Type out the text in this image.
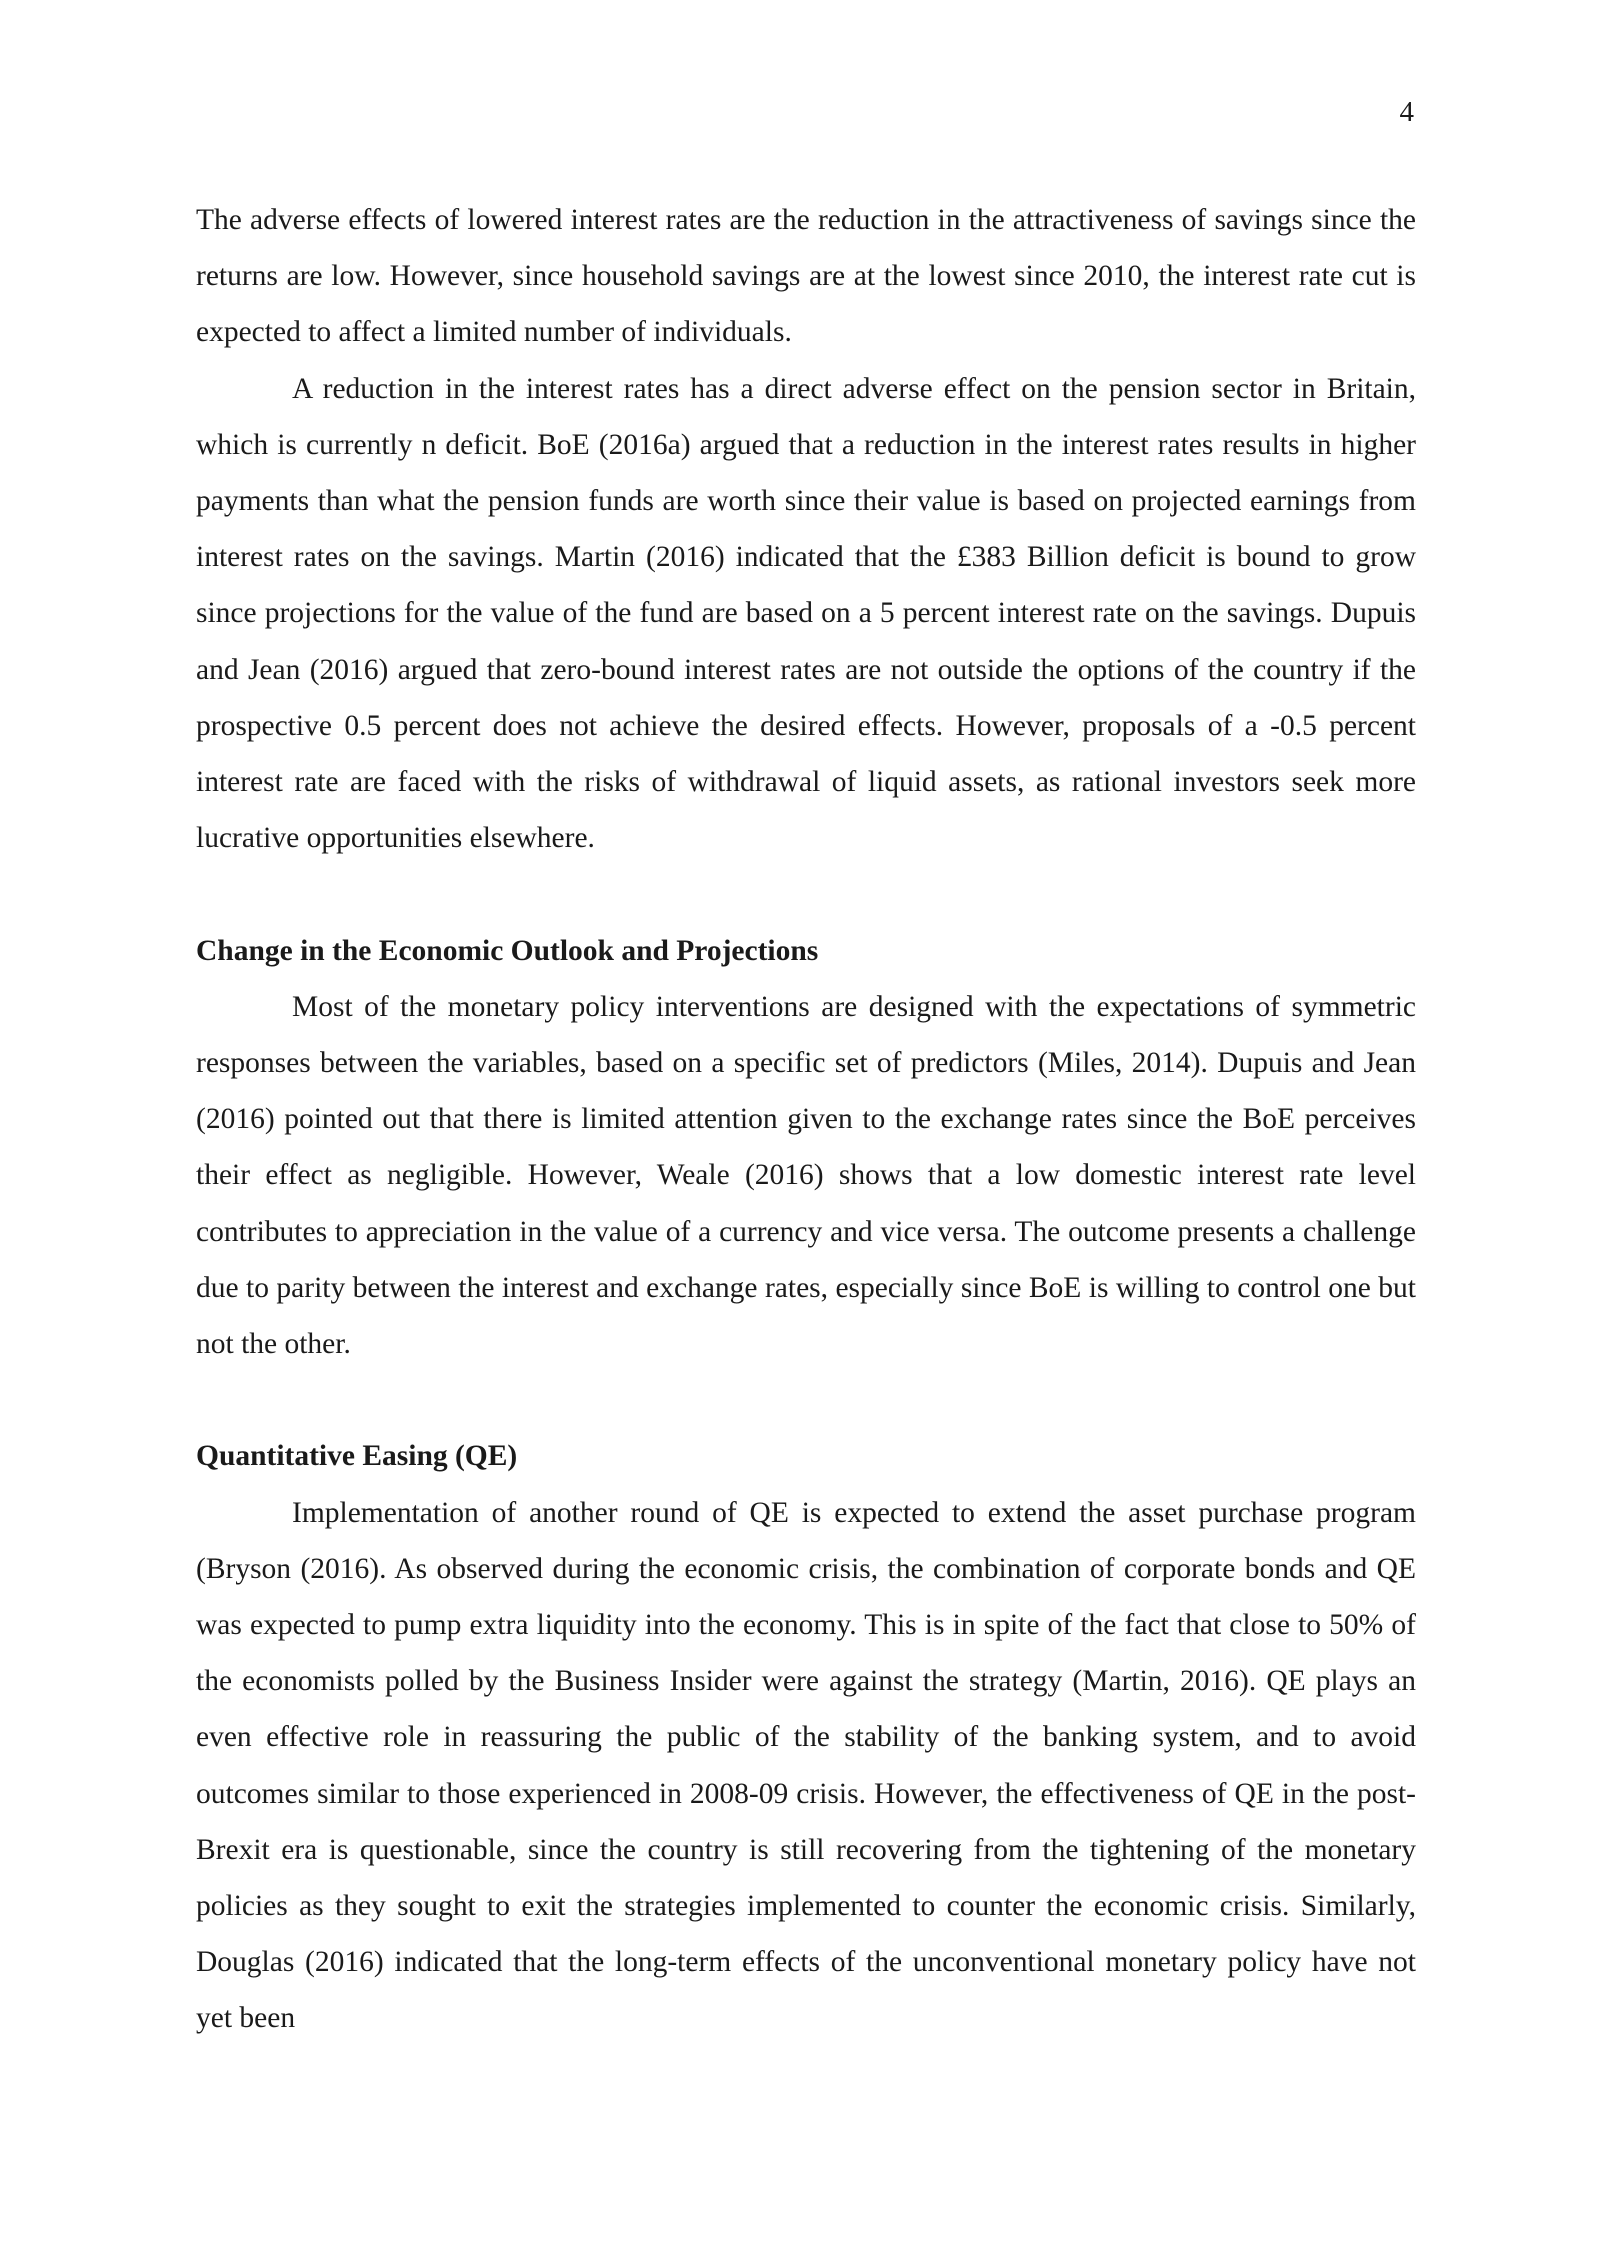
4

The adverse effects of lowered interest rates are the reduction in the attractiveness of savings since the returns are low. However, since household savings are at the lowest since 2010, the interest rate cut is expected to affect a limited number of individuals.

A reduction in the interest rates has a direct adverse effect on the pension sector in Britain, which is currently n deficit. BoE (2016a) argued that a reduction in the interest rates results in higher payments than what the pension funds are worth since their value is based on projected earnings from interest rates on the savings. Martin (2016) indicated that the £383 Billion deficit is bound to grow since projections for the value of the fund are based on a 5 percent interest rate on the savings. Dupuis and Jean (2016) argued that zero-bound interest rates are not outside the options of the country if the prospective 0.5 percent does not achieve the desired effects. However, proposals of a -0.5 percent interest rate are faced with the risks of withdrawal of liquid assets, as rational investors seek more lucrative opportunities elsewhere.

Change in the Economic Outlook and Projections

Most of the monetary policy interventions are designed with the expectations of symmetric responses between the variables, based on a specific set of predictors (Miles, 2014). Dupuis and Jean (2016) pointed out that there is limited attention given to the exchange rates since the BoE perceives their effect as negligible. However, Weale (2016) shows that a low domestic interest rate level contributes to appreciation in the value of a currency and vice versa. The outcome presents a challenge due to parity between the interest and exchange rates, especially since BoE is willing to control one but not the other.

Quantitative Easing (QE)

Implementation of another round of QE is expected to extend the asset purchase program (Bryson (2016). As observed during the economic crisis, the combination of corporate bonds and QE was expected to pump extra liquidity into the economy. This is in spite of the fact that close to 50% of the economists polled by the Business Insider were against the strategy (Martin, 2016). QE plays an even effective role in reassuring the public of the stability of the banking system, and to avoid outcomes similar to those experienced in 2008-09 crisis. However, the effectiveness of QE in the post-Brexit era is questionable, since the country is still recovering from the tightening of the monetary policies as they sought to exit the strategies implemented to counter the economic crisis. Similarly, Douglas (2016) indicated that the long-term effects of the unconventional monetary policy have not yet been
